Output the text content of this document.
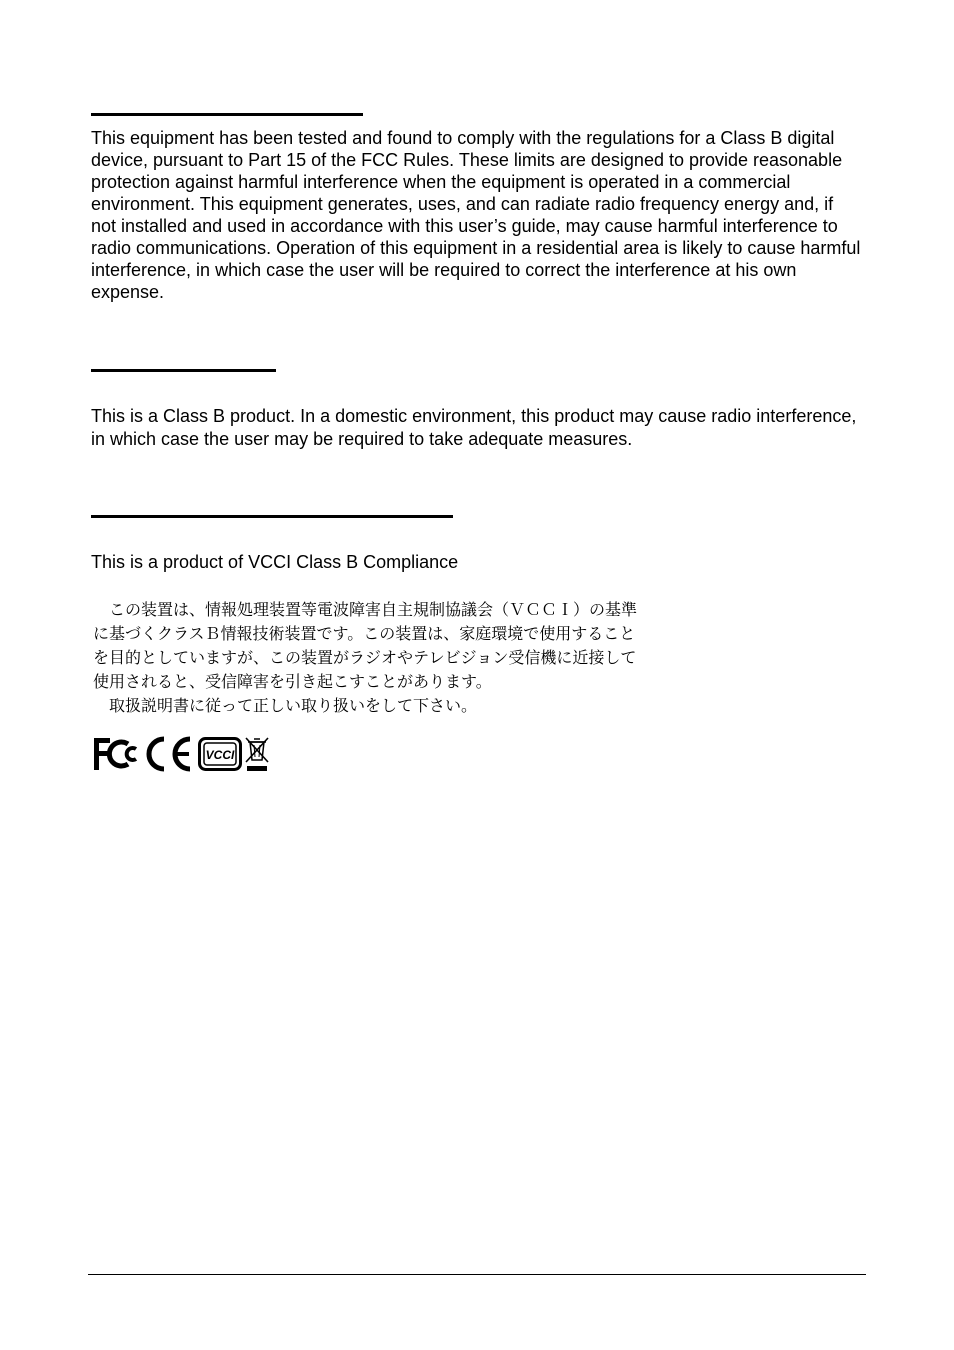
This equipment has been tested and found to comply with the regulations for a Class B digital device, pursuant to Part 15 of the FCC Rules. These limits are designed to provide reasonable protection against harmful interference when the equipment is operated in a commercial environment. This equipment generates, uses, and can radiate radio frequency energy and, if not installed and used in accordance with this user’s guide, may cause harmful interference to radio communications. Operation of this equipment in a residential area is likely to cause harmful interference, in which case the user will be required to correct the interference at his own expense.

This is a Class B product. In a domestic environment, this product may cause radio interference, in which case the user may be required to take adequate measures.

This is a product of VCCI Class B Compliance

この装置は、情報処理装置等電波障害自主規制協議会（ＶＣＣＩ）の基準
に基づくクラスＢ情報技術装置です。この装置は、家庭環境で使用すること
を目的としていますが、この装置がラジオやテレビジョン受信機に近接して
使用されると、受信障害を引き起こすことがあります。
取扱説明書に従って正しい取り扱いをして下さい。
VCCI
